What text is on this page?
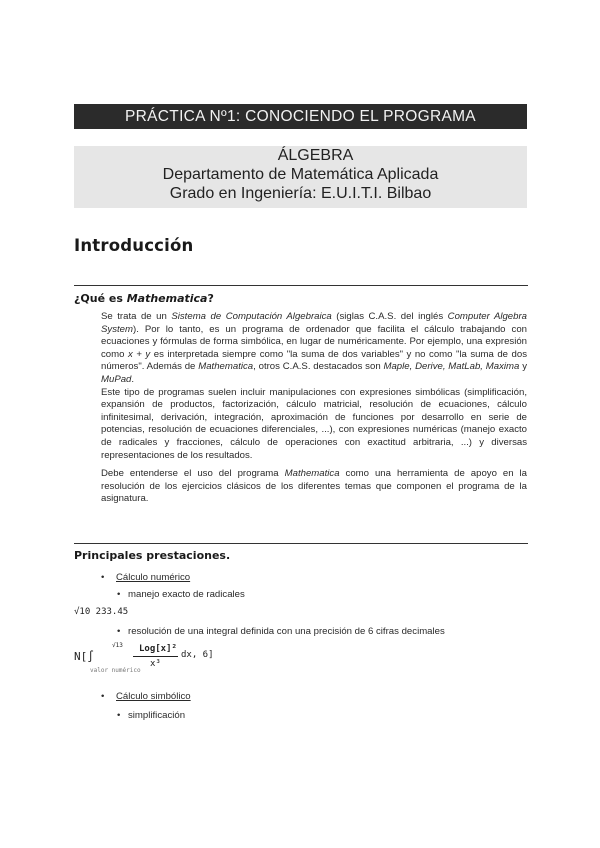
PRÁCTICA Nº1: CONOCIENDO EL PROGRAMA
ÁLGEBRA
Departamento de Matemática Aplicada
Grado en Ingeniería: E.U.I.T.I. Bilbao
Introducción
¿Qué es Mathematica?

Se trata de un Sistema de Computación Algebraica (siglas C.A.S. del inglés Computer Algebra System). Por lo tanto, es un programa de ordenador que facilita el cálculo trabajando con ecuaciones y fórmulas de forma simbólica, en lugar de numéricamente. Por ejemplo, una expresión como x + y es interpretada siempre como "la suma de dos variables" y no como "la suma de dos números". Además de Mathematica, otros C.A.S. destacados son Maple, Derive, MatLab, Maxima y MuPad.

Este tipo de programas suelen incluir manipulaciones con expresiones simbólicas (simplificación, expansión de productos, factorización, cálculo matricial, resolución de ecuaciones, cálculo infinitesimal, derivación, integración, aproximación de funciones por desarrollo en serie de potencias, resolución de ecuaciones diferenciales, ...), con expresiones numéricas (manejo exacto de radicales y fracciones, cálculo de operaciones con exactitud arbitraria, ...) y diversas representaciones de los resultados.

Debe entenderse el uso del programa Mathematica como una herramienta de apoyo en la resolución de los ejercicios clásicos de los diferentes temas que componen el programa de la asignatura.

Principales prestaciones.
• Cálculo numérico
• manejo exacto de radicales
√10 233.45
• resolución de una integral definida con una precisión de 6 cifras decimales
N[∫
√13
valor numérico
Log[x]²
x³
dx, 6]
• Cálculo simbólico
• simplificación
